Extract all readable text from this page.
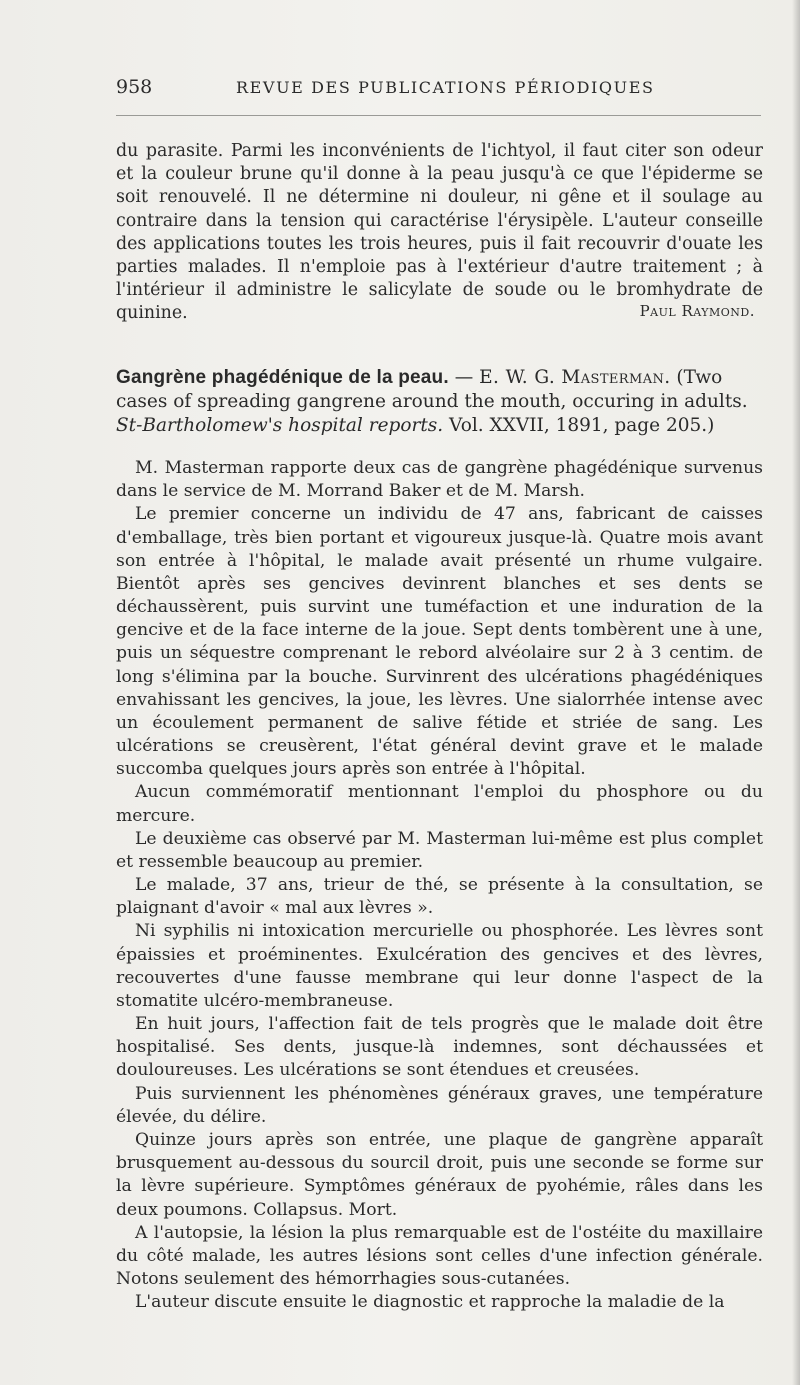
958	REVUE DES PUBLICATIONS PÉRIODIQUES

du parasite. Parmi les inconvénients de l'ichtyol, il faut citer son odeur et la couleur brune qu'il donne à la peau jusqu'à ce que l'épiderme se soit renouvelé. Il ne détermine ni douleur, ni gêne et il soulage au contraire dans la tension qui caractérise l'érysipèle. L'auteur conseille des applications toutes les trois heures, puis il fait recouvrir d'ouate les parties malades. Il n'emploie pas à l'extérieur d'autre traitement ; à l'intérieur il administre le salicylate de soude ou le bromhydrate de quinine.	Paul Raymond.
Gangrène phagédénique de la peau. — E. W. G. Masterman. (Two cases of spreading gangrene around the mouth, occuring in adults. St-Bartholomew's hospital reports. Vol. XXVII, 1891, page 205.)

M. Masterman rapporte deux cas de gangrène phagédénique survenus dans le service de M. Morrand Baker et de M. Marsh.

Le premier concerne un individu de 47 ans, fabricant de caisses d'emballage, très bien portant et vigoureux jusque-là. Quatre mois avant son entrée à l'hôpital, le malade avait présenté un rhume vulgaire. Bientôt après ses gencives devinrent blanches et ses dents se déchaussèrent, puis survint une tuméfaction et une induration de la gencive et de la face interne de la joue. Sept dents tombèrent une à une, puis un séquestre comprenant le rebord alvéolaire sur 2 à 3 centim. de long s'élimina par la bouche. Survinrent des ulcérations phagédéniques envahissant les gencives, la joue, les lèvres. Une sialorrhée intense avec un écoulement permanent de salive fétide et striée de sang. Les ulcérations se creusèrent, l'état général devint grave et le malade succomba quelques jours après son entrée à l'hôpital.

Aucun commémoratif mentionnant l'emploi du phosphore ou du mercure.

Le deuxième cas observé par M. Masterman lui-même est plus complet et ressemble beaucoup au premier.

Le malade, 37 ans, trieur de thé, se présente à la consultation, se plaignant d'avoir « mal aux lèvres ».

Ni syphilis ni intoxication mercurielle ou phosphorée. Les lèvres sont épaissies et proéminentes. Exulcération des gencives et des lèvres, recouvertes d'une fausse membrane qui leur donne l'aspect de la stomatite ulcéro-membraneuse.

En huit jours, l'affection fait de tels progrès que le malade doit être hospitalisé. Ses dents, jusque-là indemnes, sont déchaussées et douloureuses. Les ulcérations se sont étendues et creusées.

Puis surviennent les phénomènes généraux graves, une température élevée, du délire.

Quinze jours après son entrée, une plaque de gangrène apparaît brusquement au-dessous du sourcil droit, puis une seconde se forme sur la lèvre supérieure. Symptômes généraux de pyohémie, râles dans les deux poumons. Collapsus. Mort.

A l'autopsie, la lésion la plus remarquable est de l'ostéite du maxillaire du côté malade, les autres lésions sont celles d'une infection générale. Notons seulement des hémorrhagies sous-cutanées.

L'auteur discute ensuite le diagnostic et rapproche la maladie de la
